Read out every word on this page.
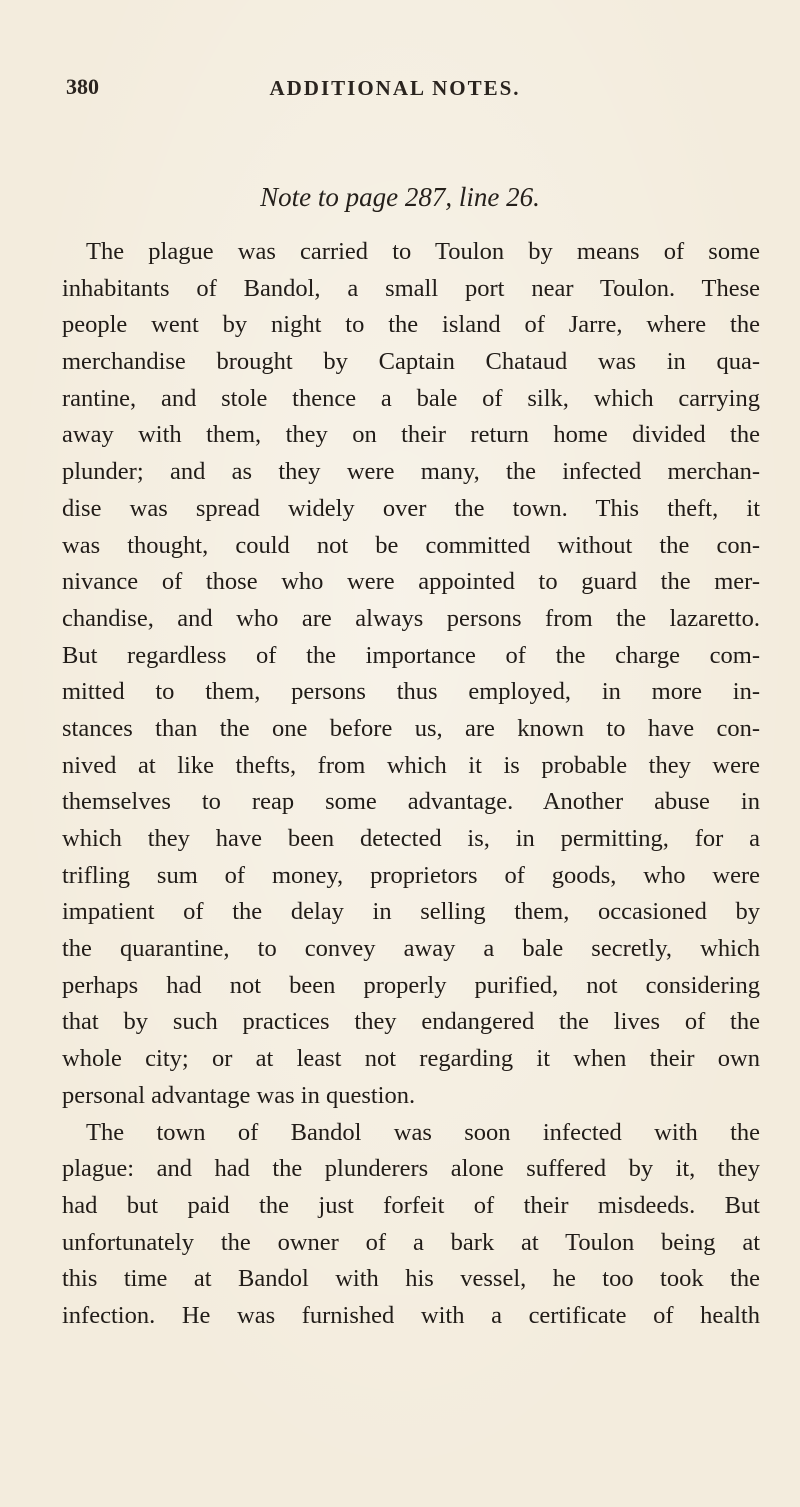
380	ADDITIONAL NOTES.
Note to page 287, line 26.
The plague was carried to Toulon by means of some
inhabitants of Bandol, a small port near Toulon. These
people went by night to the island of Jarre, where the
merchandise brought by Captain Chataud was in qua-
rantine, and stole thence a bale of silk, which carrying
away with them, they on their return home divided the
plunder; and as they were many, the infected merchan-
dise was spread widely over the town. This theft, it
was thought, could not be committed without the con-
nivance of those who were appointed to guard the mer-
chandise, and who are always persons from the lazaretto.
But regardless of the importance of the charge com-
mitted to them, persons thus employed, in more in-
stances than the one before us, are known to have con-
nived at like thefts, from which it is probable they were
themselves to reap some advantage. Another abuse in
which they have been detected is, in permitting, for a
trifling sum of money, proprietors of goods, who were
impatient of the delay in selling them, occasioned by
the quarantine, to convey away a bale secretly, which
perhaps had not been properly purified, not considering
that by such practices they endangered the lives of the
whole city; or at least not regarding it when their own
personal advantage was in question.
The town of Bandol was soon infected with the
plague: and had the plunderers alone suffered by it, they
had but paid the just forfeit of their misdeeds. But
unfortunately the owner of a bark at Toulon being at
this time at Bandol with his vessel, he too took the
infection. He was furnished with a certificate of health
